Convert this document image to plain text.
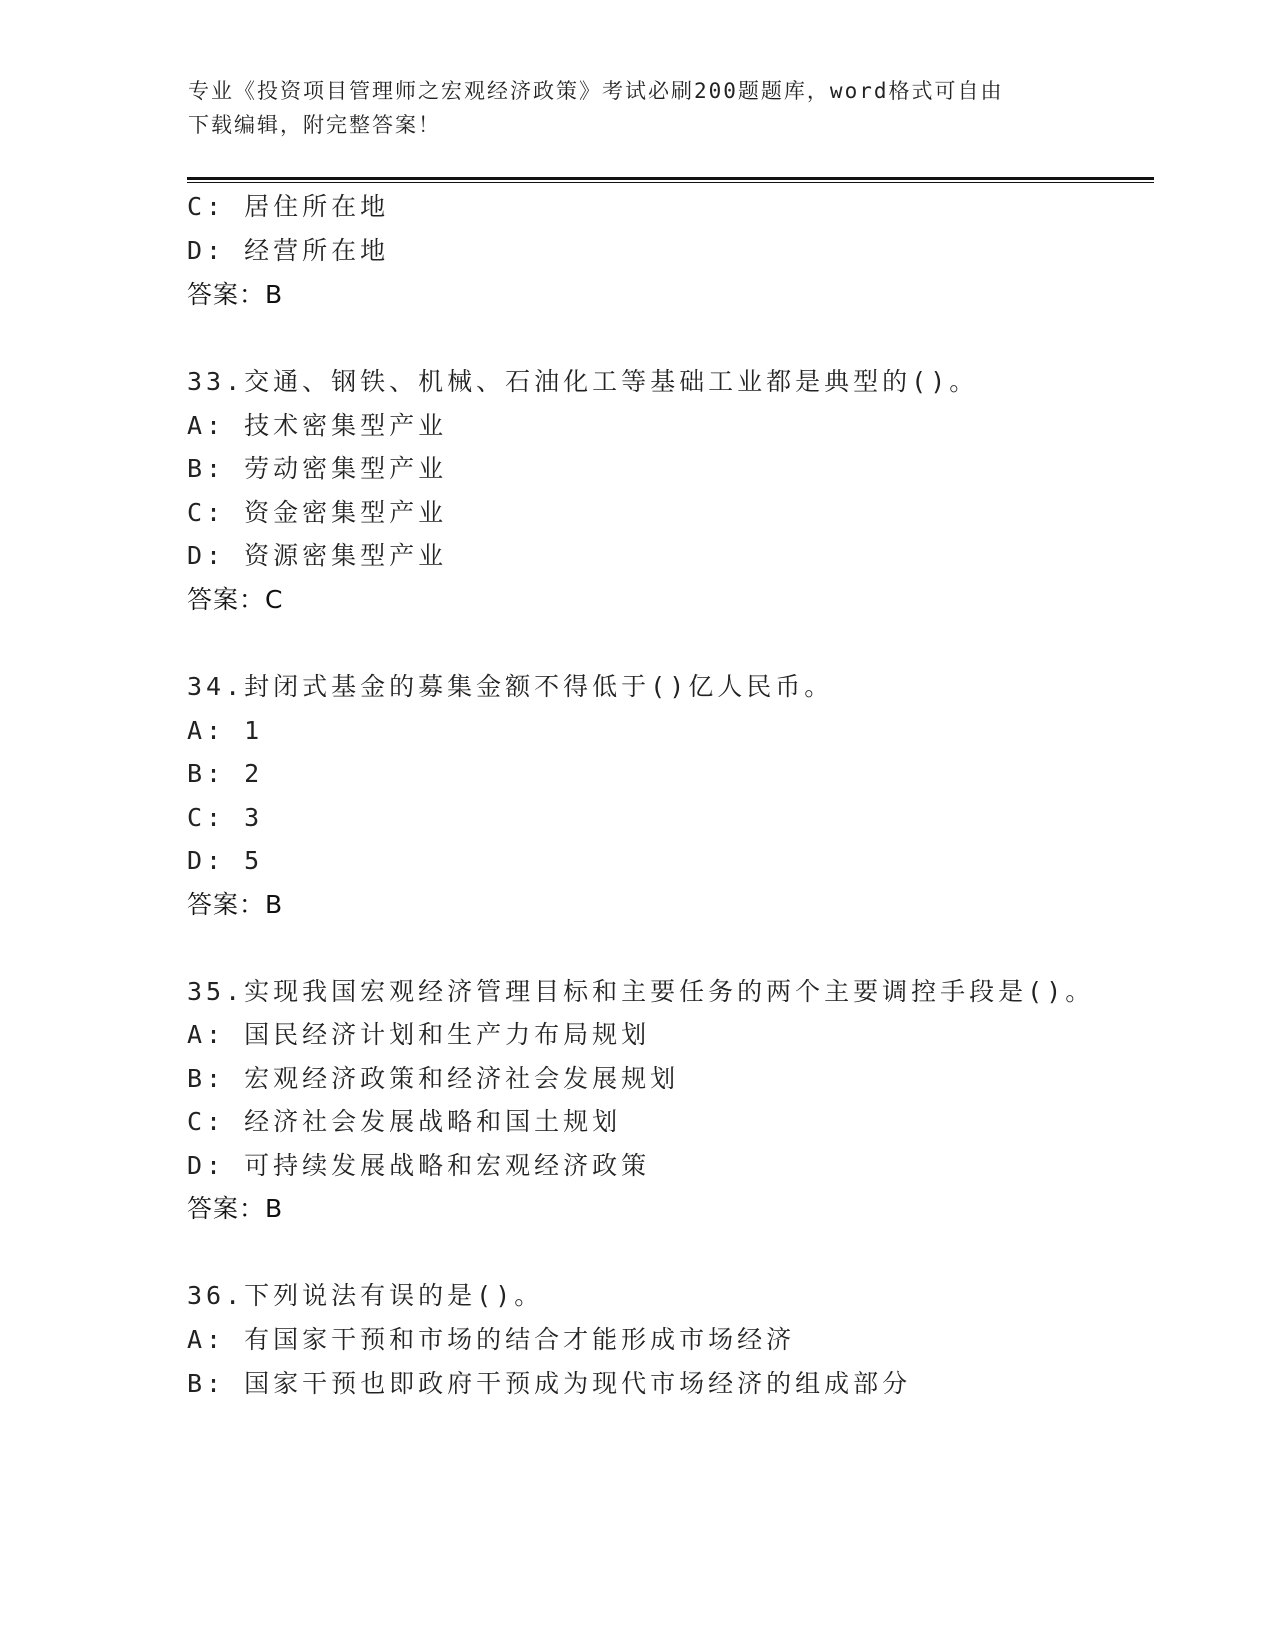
专业《投资项目管理师之宏观经济政策》考试必刷200题题库，word格式可自由
下载编辑，附完整答案！
C: 居住所在地
D: 经营所在地
答案：B
33.交通、钢铁、机械、石油化工等基础工业都是典型的()。
A: 技术密集型产业
B: 劳动密集型产业
C: 资金密集型产业
D: 资源密集型产业
答案：C
34.封闭式基金的募集金额不得低于()亿人民币。
A: 1
B: 2
C: 3
D: 5
答案：B
35.实现我国宏观经济管理目标和主要任务的两个主要调控手段是()。
A: 国民经济计划和生产力布局规划
B: 宏观经济政策和经济社会发展规划
C: 经济社会发展战略和国土规划
D: 可持续发展战略和宏观经济政策
答案：B
36.下列说法有误的是()。
A: 有国家干预和市场的结合才能形成市场经济
B: 国家干预也即政府干预成为现代市场经济的组成部分
